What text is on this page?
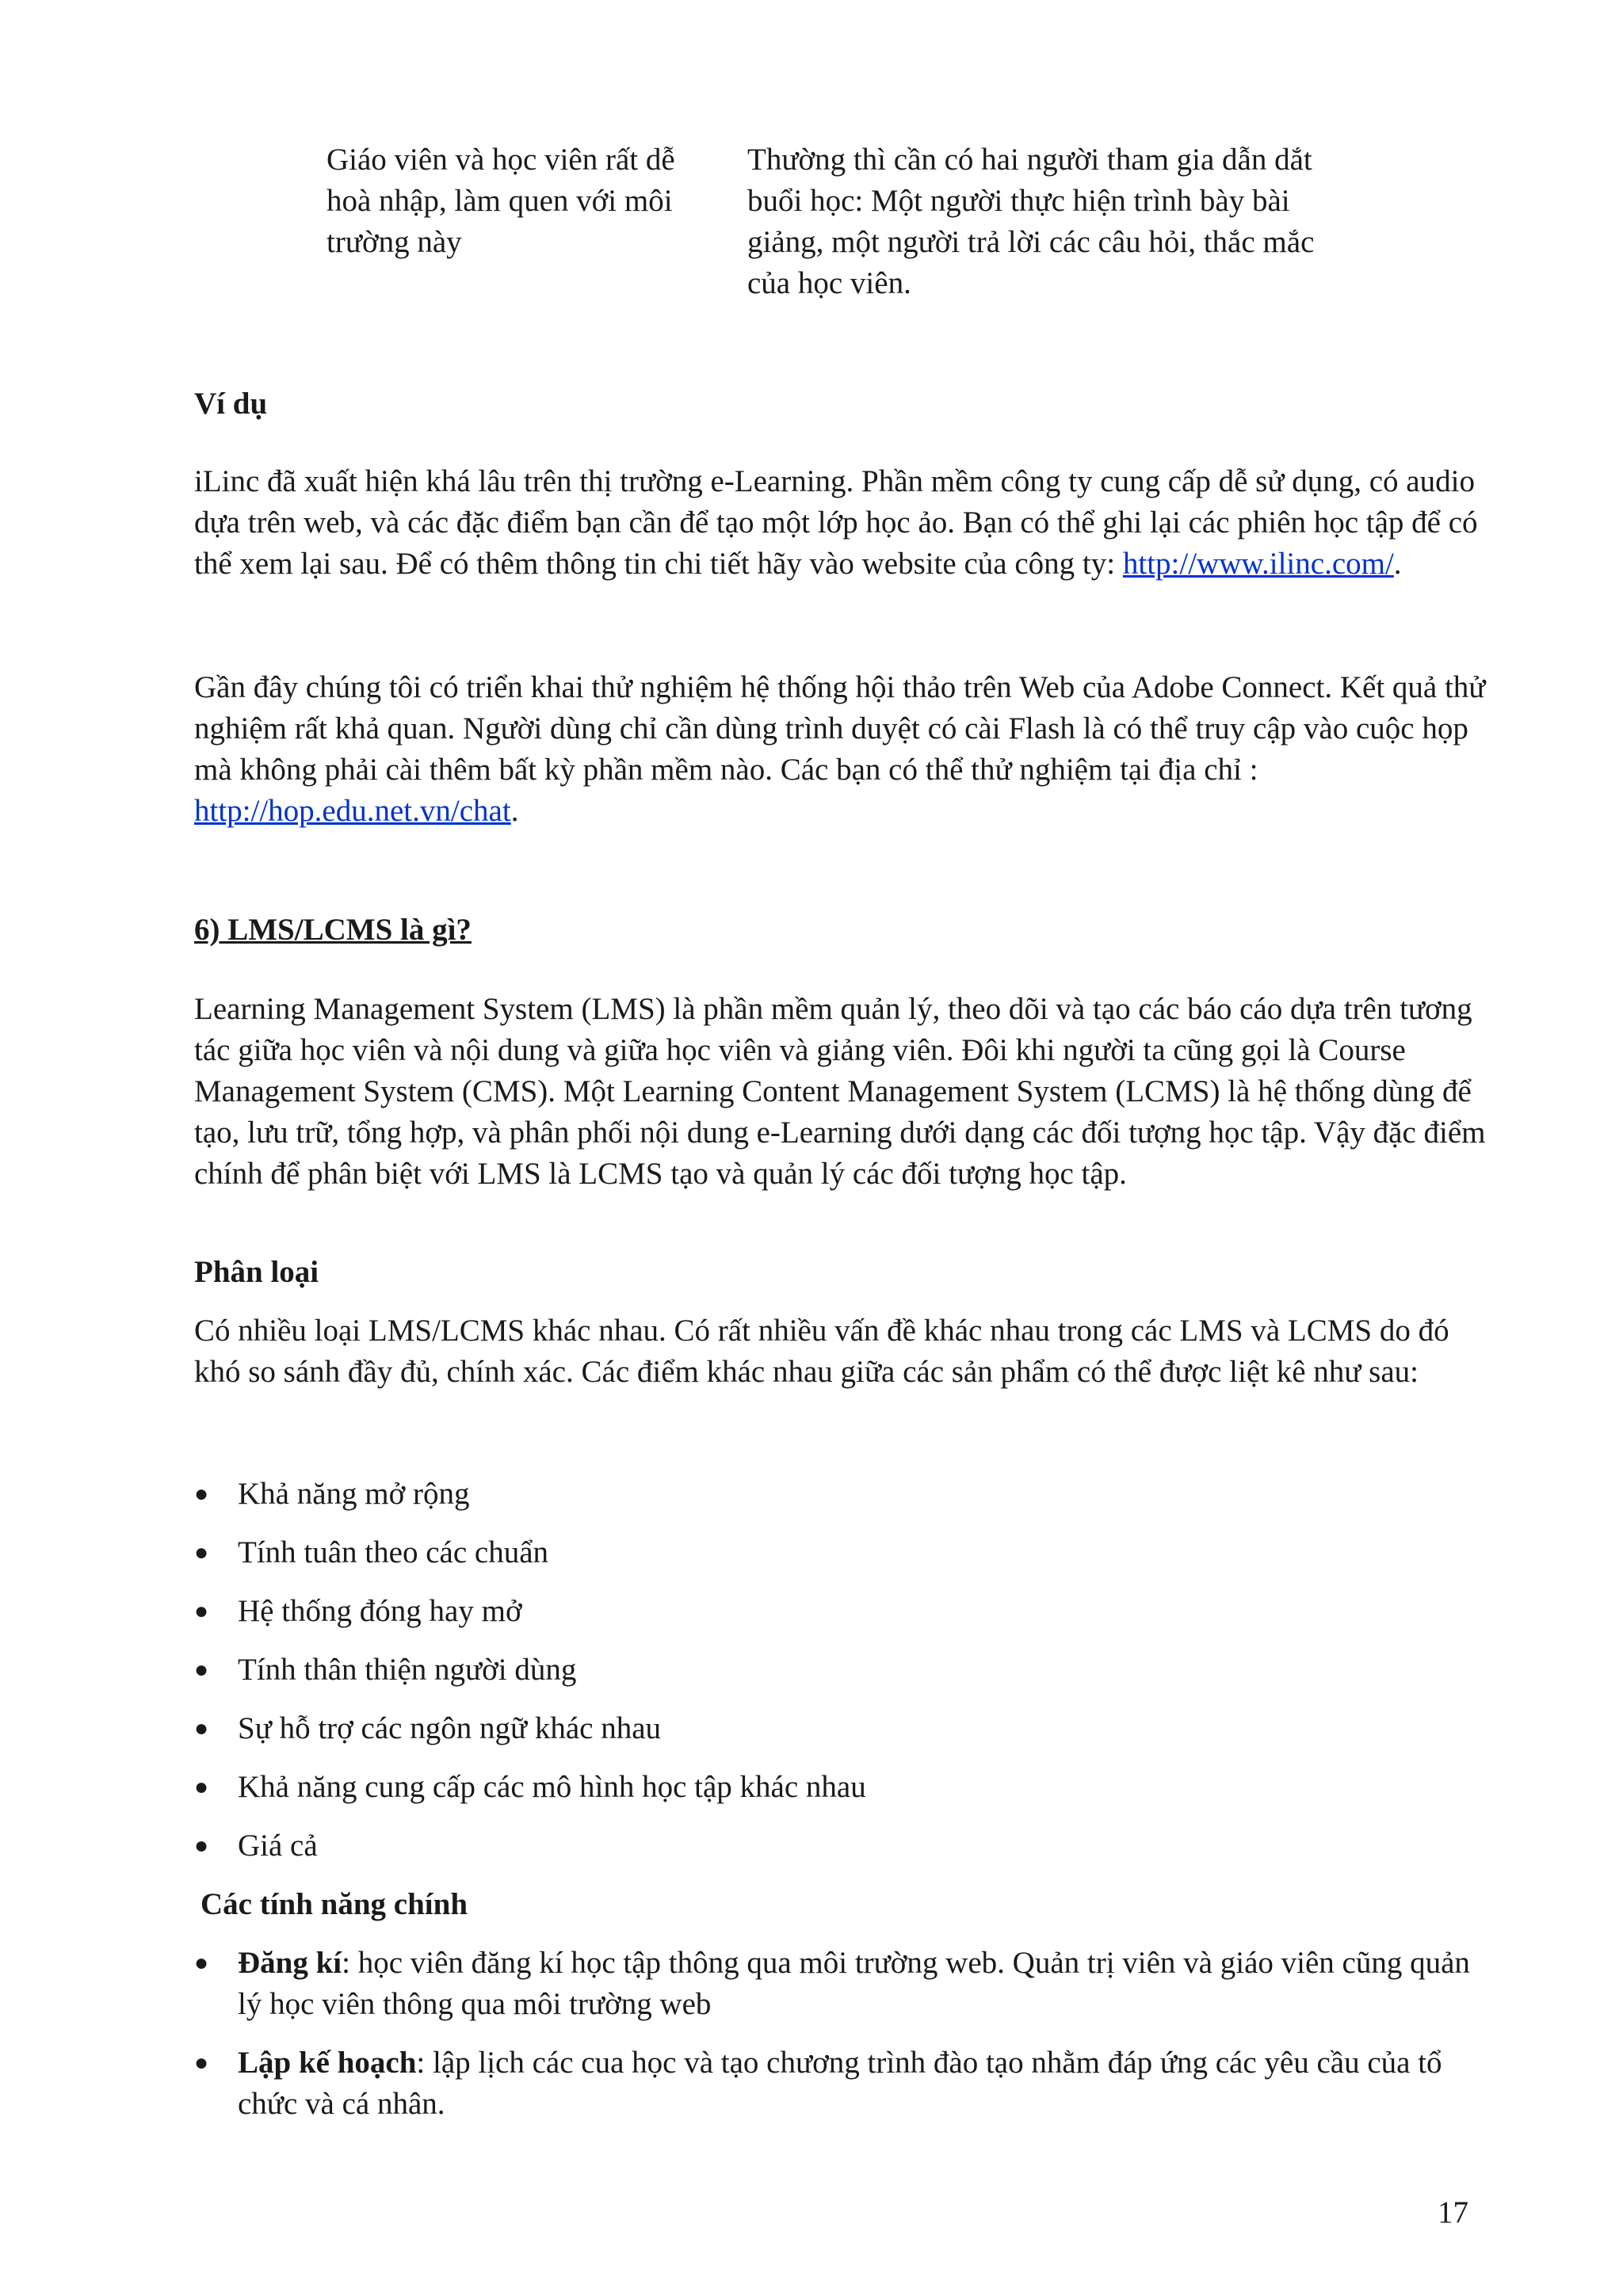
Giáo viên và học viên rất dễ hoà nhập, làm quen với môi trường này

Thường thì cần có hai người tham gia dẫn dắt buổi học: Một người thực hiện trình bày bài giảng, một người trả lời các câu hỏi, thắc mắc của học viên.

Ví dụ

iLinc đã xuất hiện khá lâu trên thị trường e-Learning. Phần mềm công ty cung cấp dễ sử dụng, có audio dựa trên web, và các đặc điểm bạn cần để tạo một lớp học ảo. Bạn có thể ghi lại các phiên học tập để có thể xem lại sau. Để có thêm thông tin chi tiết hãy vào website của công ty: http://www.ilinc.com/.

Gần đây chúng tôi có triển khai thử nghiệm hệ thống hội thảo trên Web của Adobe Connect. Kết quả thử nghiệm rất khả quan. Người dùng chỉ cần dùng trình duyệt có cài Flash là có thể truy cập vào cuộc họp mà không phải cài thêm bất kỳ phần mềm nào. Các bạn có thể thử nghiệm tại địa chỉ : http://hop.edu.net.vn/chat.

6) LMS/LCMS là gì?

Learning Management System (LMS) là phần mềm quản lý, theo dõi và tạo các báo cáo dựa trên tương tác giữa học viên và nội dung và giữa học viên và giảng viên. Đôi khi người ta cũng gọi là Course Management System (CMS). Một Learning Content Management System (LCMS) là hệ thống dùng để tạo, lưu trữ, tổng hợp, và phân phối nội dung e-Learning dưới dạng các đối tượng học tập. Vậy đặc điểm chính để phân biệt với LMS là LCMS tạo và quản lý các đối tượng học tập.

Phân loại

Có nhiều loại LMS/LCMS khác nhau. Có rất nhiều vấn đề khác nhau trong các LMS và LCMS do đó khó so sánh đầy đủ, chính xác. Các điểm khác nhau giữa các sản phẩm có thể được liệt kê như sau:

● Khả năng mở rộng
● Tính tuân theo các chuẩn
● Hệ thống đóng hay mở
● Tính thân thiện người dùng
● Sự hỗ trợ các ngôn ngữ khác nhau
● Khả năng cung cấp các mô hình học tập khác nhau
● Giá cả

Các tính năng chính

● Đăng kí: học viên đăng kí học tập thông qua môi trường web. Quản trị viên và giáo viên cũng quản lý học viên thông qua môi trường web
● Lập kế hoạch: lập lịch các cua học và tạo chương trình đào tạo nhằm đáp ứng các yêu cầu của tổ chức và cá nhân.

17
